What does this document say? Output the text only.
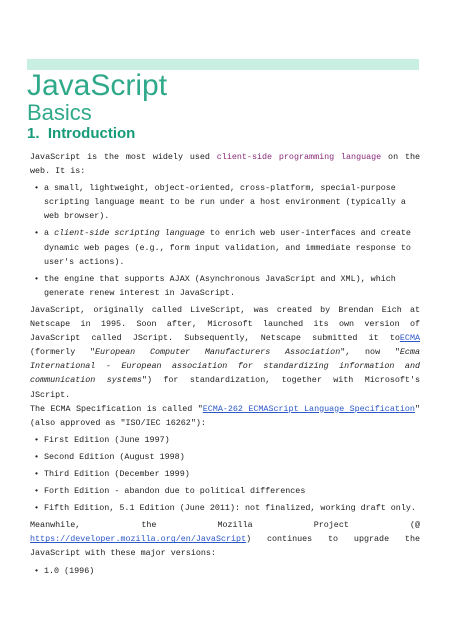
JavaScript
Basics
1. Introduction

JavaScript is the most widely used client-side programming language on the web. It is:

• a small, lightweight, object-oriented, cross-platform, special-purpose scripting language meant to be run under a host environment (typically a web browser).
• a client-side scripting language to enrich web user-interfaces and create dynamic web pages (e.g., form input validation, and immediate response to user's actions).
• the engine that supports AJAX (Asynchronous JavaScript and XML), which generate renew interest in JavaScript.

JavaScript, originally called LiveScript, was created by Brendan Eich at Netscape in 1995. Soon after, Microsoft launched its own version of JavaScript called JScript. Subsequently, Netscape submitted it toECMA (formerly "European Computer Manufacturers Association", now "Ecma International - European association for standardizing information and communication systems") for standardization, together with Microsoft's JScript.

The ECMA Specification is called "ECMA-262 ECMAScript Language Specification" (also approved as "ISO/IEC 16262"):

• First Edition (June 1997)
• Second Edition (August 1998)
• Third Edition (December 1999)
• Forth Edition - abandon due to political differences
• Fifth Edition, 5.1 Edition (June 2011): not finalized, working draft only.

Meanwhile, the Mozilla Project (@ https://developer.mozilla.org/en/JavaScript) continues to upgrade the JavaScript with these major versions:

• 1.0 (1996)
